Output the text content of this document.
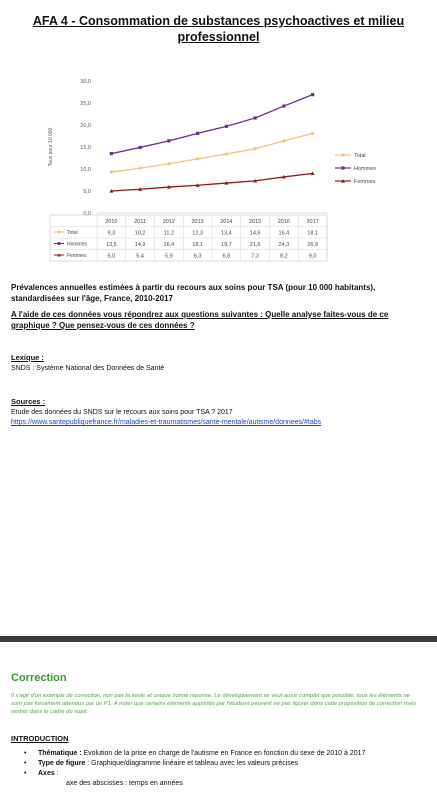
AFA 4 - Consommation de substances psychoactives et milieu professionnel
Taux pour 10 000
0,0
5,0
10,0
15,0
20,0
25,0
30,0
Total
Hommes
Femmes
2010	2011	2012	2013	2014	2015	2016	2017
Total	9,3	10,2	11,2	12,3	13,4	14,6	16,4	18,1
Hommes	13,5	14,9	16,4	18,1	19,7	21,6	24,3	26,9
Femmes	5,0	5,4	5,9	6,3	6,8	7,3	8,2	9,0
Prévalences annuelles estimées à partir du recours aux soins pour TSA (pour 10 000 habitants), standardisées sur l'âge, France, 2010-2017
A l'aide de ces données vous répondrez aux questions suivantes : Quelle analyse faites-vous de ce graphique ? Que pensez-vous de ces données ?
Lexique :
SNDS : Système National des Données de Santé
Sources :
Etude des données du SNDS sur le recours aux soins pour TSA ? 2017
https://www.santepubliquefrance.fr/maladies-et-traumatismes/sante-mentale/autisme/donnees/#tabs
Correction
Il s'agit d'un exemple de correction, non pas la seule et unique bonne réponse. Le développement se veut aussi complet que possible, tous les éléments ne sont pas forcément attendus par un P1. A noter que certains éléments apportés par l'étudiant peuvent ne pas figurer dans cette proposition de correction mais rentrer dans le cadre du sujet.
INTRODUCTION
• Thématique : Evolution de la prise en charge de l'autisme en France en fonction du sexe de 2010 à 2017
• Type de figure : Graphique/diagramme linéaire et tableau avec les valeurs précises
• Axes :
axe des abscisses : temps en années
